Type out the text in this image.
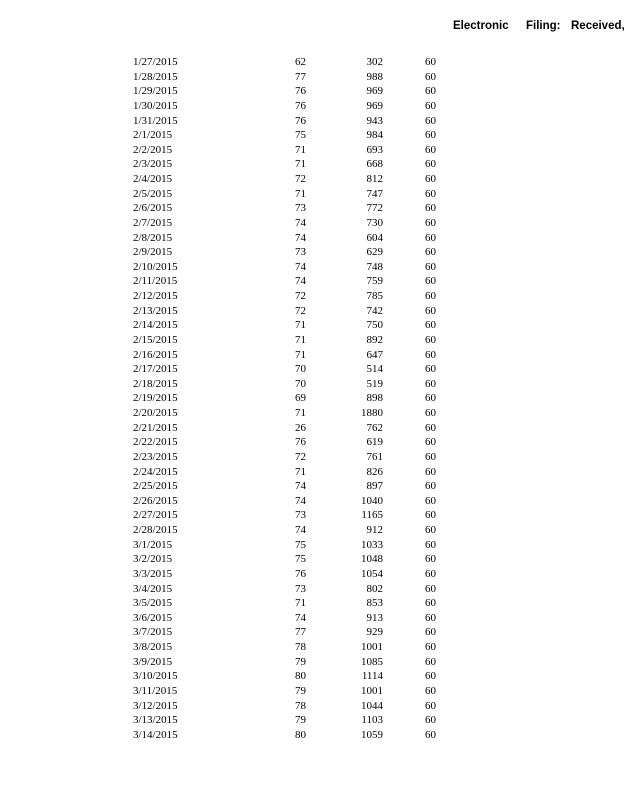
Electronic Filing: Received,
1/27/2015	62	302	60
1/28/2015	77	988	60
1/29/2015	76	969	60
1/30/2015	76	969	60
1/31/2015	76	943	60
2/1/2015	75	984	60
2/2/2015	71	693	60
2/3/2015	71	668	60
2/4/2015	72	812	60
2/5/2015	71	747	60
2/6/2015	73	772	60
2/7/2015	74	730	60
2/8/2015	74	604	60
2/9/2015	73	629	60
2/10/2015	74	748	60
2/11/2015	74	759	60
2/12/2015	72	785	60
2/13/2015	72	742	60
2/14/2015	71	750	60
2/15/2015	71	892	60
2/16/2015	71	647	60
2/17/2015	70	514	60
2/18/2015	70	519	60
2/19/2015	69	898	60
2/20/2015	71	1880	60
2/21/2015	26	762	60
2/22/2015	76	619	60
2/23/2015	72	761	60
2/24/2015	71	826	60
2/25/2015	74	897	60
2/26/2015	74	1040	60
2/27/2015	73	1165	60
2/28/2015	74	912	60
3/1/2015	75	1033	60
3/2/2015	75	1048	60
3/3/2015	76	1054	60
3/4/2015	73	802	60
3/5/2015	71	853	60
3/6/2015	74	913	60
3/7/2015	77	929	60
3/8/2015	78	1001	60
3/9/2015	79	1085	60
3/10/2015	80	1114	60
3/11/2015	79	1001	60
3/12/2015	78	1044	60
3/13/2015	79	1103	60
3/14/2015	80	1059	60
